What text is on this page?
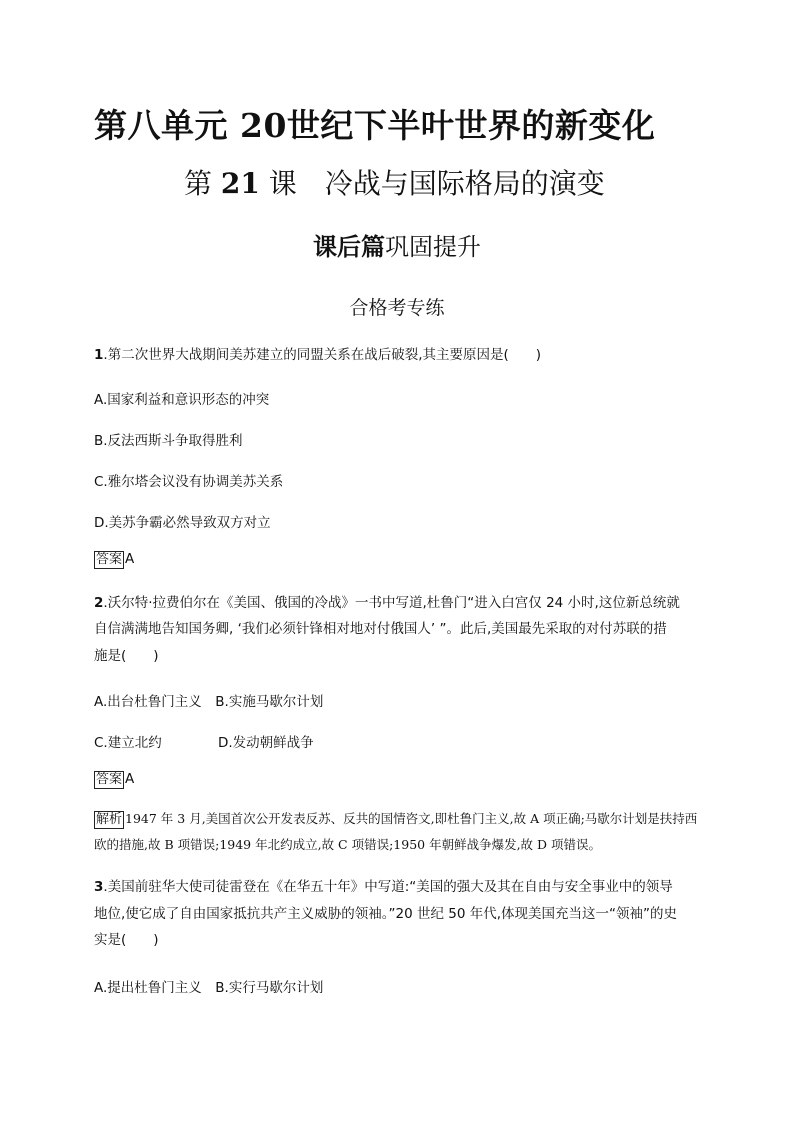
第八单元 20世纪下半叶世界的新变化
第 21 课　冷战与国际格局的演变
课后篇巩固提升
合格考专练
1.第二次世界大战期间美苏建立的同盟关系在战后破裂,其主要原因是(　　)
A.国家利益和意识形态的冲突
B.反法西斯斗争取得胜利
C.雅尔塔会议没有协调美苏关系
D.美苏争霸必然导致双方对立
答案 A
2.沃尔特·拉费伯尔在《美国、俄国的冷战》一书中写道,杜鲁门“进入白宫仅 24 小时,这位新总统就
自信满满地告知国务卿, ‘我们必须针锋相对地对付俄国人’ ”。此后,美国最先采取的对付苏联的措
施是(　　)
A.出台杜鲁门主义　B.实施马歇尔计划
C.建立北约	D.发动朝鲜战争
答案 A
解析 1947 年 3 月,美国首次公开发表反苏、反共的国情咨文,即杜鲁门主义,故 A 项正确;马歇尔计划是扶持西欧的措施,故 B 项错误;1949 年北约成立,故 C 项错误;1950 年朝鲜战争爆发,故 D 项错误。
3.美国前驻华大使司徒雷登在《在华五十年》中写道:“美国的强大及其在自由与安全事业中的领导
地位,使它成了自由国家抵抗共产主义威胁的领袖。”20 世纪 50 年代,体现美国充当这一“领袖”的史
实是(　　)
A.提出杜鲁门主义　B.实行马歇尔计划
